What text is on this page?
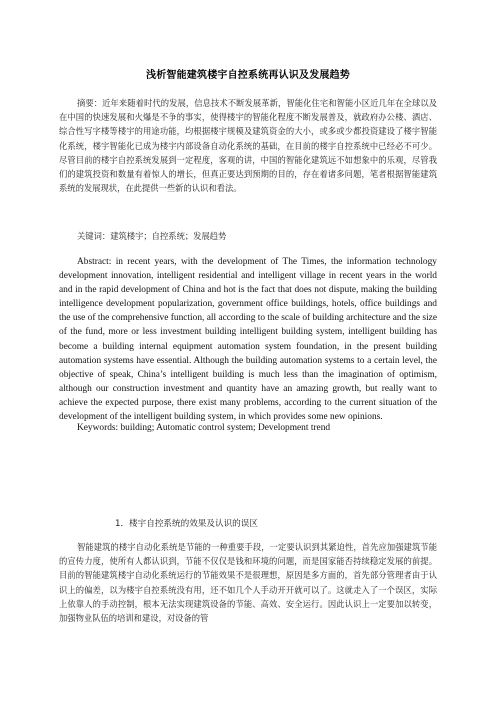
浅析智能建筑楼宇自控系统再认识及发展趋势
摘要：近年来随着时代的发展，信息技术不断发展革新，智能化住宅和智能小区近几年在全球以及在中国的快速发展和火爆是不争的事实，使得楼宇的智能化程度不断发展普及，就政府办公楼、酒店、综合性写字楼等楼宇的用途功能，均根据楼宇规模及建筑资金的大小，或多或少都投资建设了楼宇智能化系统，楼宇智能化已成为楼宇内部设备自动化系统的基础，在目前的楼宇自控系统中已经必不可少。尽管目前的楼宇自控系统发展到一定程度，客观的讲，中国的智能化建筑远不如想象中的乐观，尽管我们的建筑投资和数量有着惊人的增长，但真正要达到预期的目的，存在着诸多问题，笔者根据智能建筑系统的发展现状，在此提供一些新的认识和看法。
关键词：建筑楼宇；自控系统；发展趋势
Abstract: in recent years, with the development of The Times, the information technology development innovation, intelligent residential and intelligent village in recent years in the world and in the rapid development of China and hot is the fact that does not dispute, making the building intelligence development popularization, government office buildings, hotels, office buildings and the use of the comprehensive function, all according to the scale of building architecture and the size of the fund, more or less investment building intelligent building system, intelligent building has become a building internal equipment automation system foundation, in the present building automation systems have essential. Although the building automation systems to a certain level, the objective of speak, China’s intelligent building is much less than the imagination of optimism, although our construction investment and quantity have an amazing growth, but really want to achieve the expected purpose, there exist many problems, according to the current situation of the development of the intelligent building system, in which provides some new opinions.
Keywords: building; Automatic control system; Development trend
1．楼宇自控系统的效果及认识的误区
智能建筑的楼宇自动化系统是节能的一种重要手段，一定要认识到其紧迫性，首先应加强建筑节能的宣传力度，使所有人都认识到，节能不仅仅是钱和环境的问题，而是国家能否持续稳定发展的前提。目前的智能建筑楼宇自动化系统运行的节能效果不是很理想，原因是多方面的，首先部分管理者由于认识上的偏差，以为楼宇自控系统没有用，还不如几个人手动开开就可以了。这就走入了一个误区，实际上依靠人的手动控制，根本无法实现建筑设备的节能、高效、安全运行。因此认识上一定要加以转变，加强物业队伍的培训和建设，对设备的管
